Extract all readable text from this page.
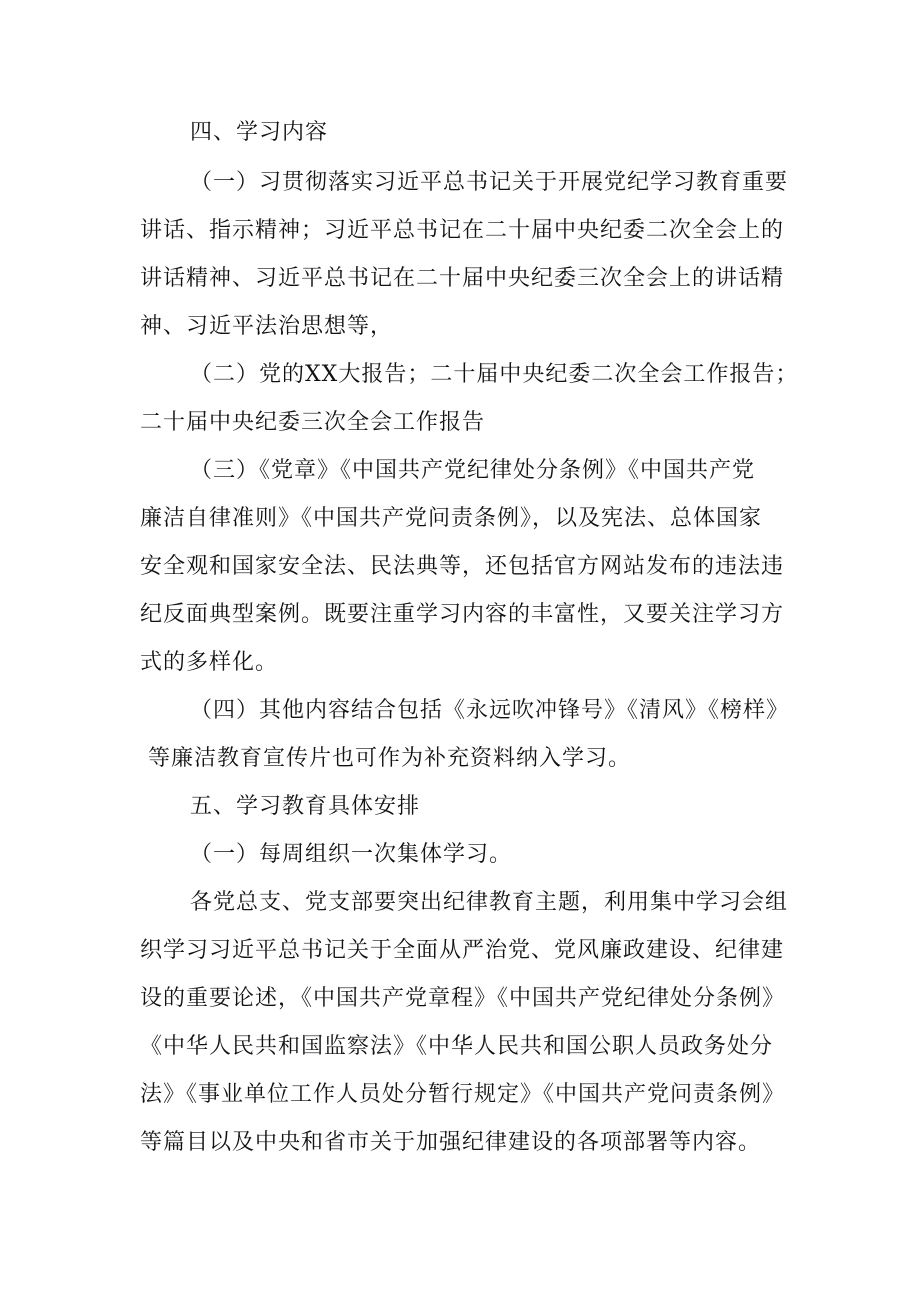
四、学习内容
（一）习贯彻落实习近平总书记关于开展党纪学习教育重要
讲话、指示精神；习近平总书记在二十届中央纪委二次全会上的
讲话精神、习近平总书记在二十届中央纪委三次全会上的讲话精
神、习近平法治思想等，
（二）党的XX大报告；二十届中央纪委二次全会工作报告；
二十届中央纪委三次全会工作报告
（三）《党章》《中国共产党纪律处分条例》《中国共产党
廉洁自律准则》《中国共产党问责条例》，以及宪法、总体国家
安全观和国家安全法、民法典等，还包括官方网站发布的违法违
纪反面典型案例。既要注重学习内容的丰富性，又要关注学习方
式的多样化。
（四）其他内容结合包括《永远吹冲锋号》《清风》《榜样》
等廉洁教育宣传片也可作为补充资料纳入学习。
五、学习教育具体安排
（一）每周组织一次集体学习。
各党总支、党支部要突出纪律教育主题，利用集中学习会组
织学习习近平总书记关于全面从严治党、党风廉政建设、纪律建
设的重要论述，《中国共产党章程》《中国共产党纪律处分条例》
《中华人民共和国监察法》《中华人民共和国公职人员政务处分
法》《事业单位工作人员处分暂行规定》《中国共产党问责条例》
等篇目以及中央和省市关于加强纪律建设的各项部署等内容。
